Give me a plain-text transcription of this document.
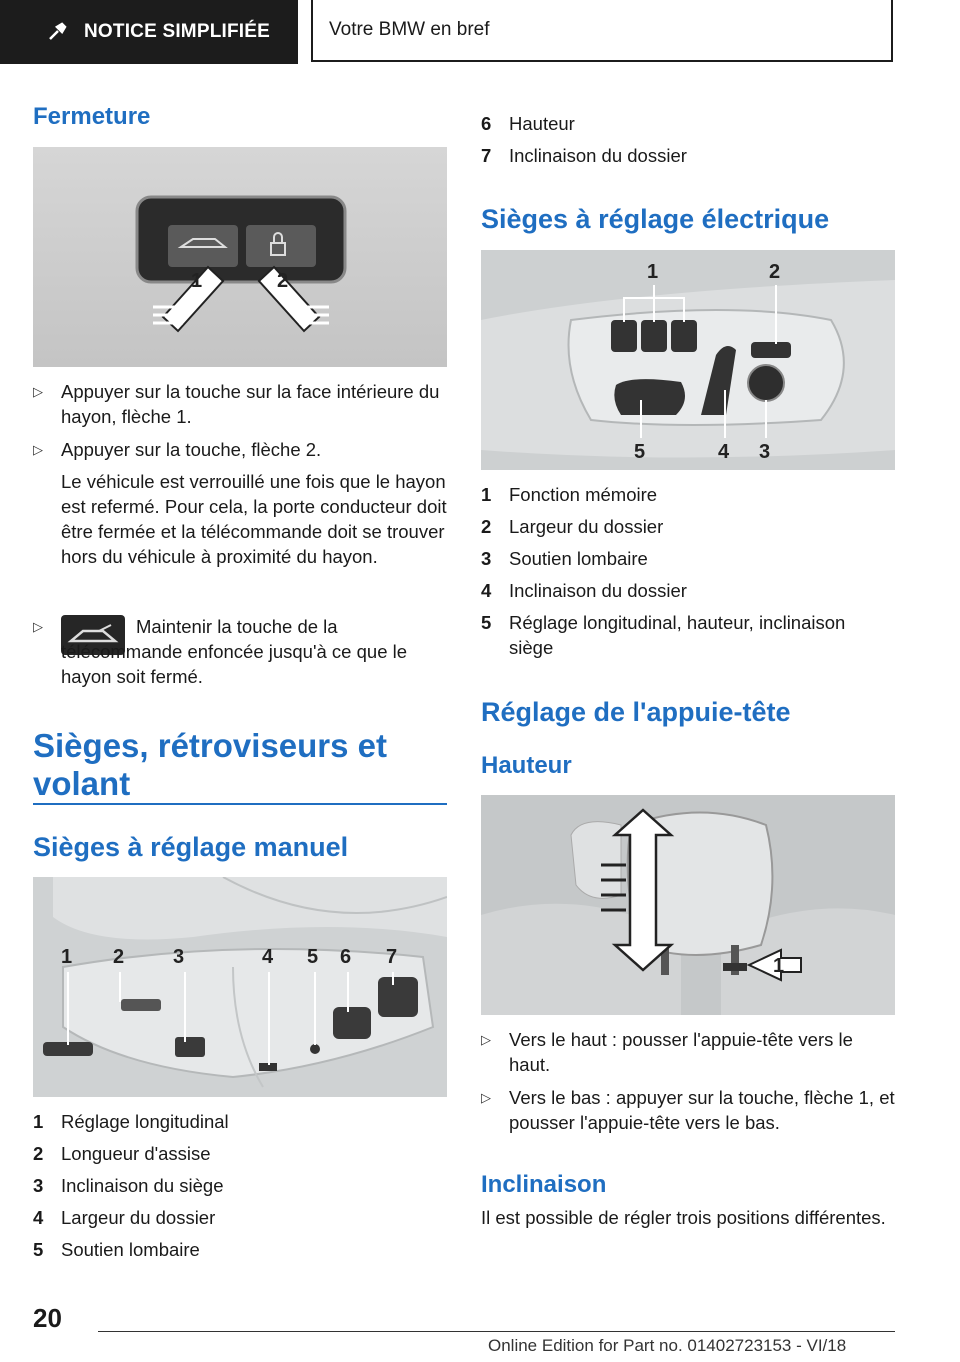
NOTICE SIMPLIFIÉE	Votre BMW en bref
Fermeture
1	2
▷ Appuyer sur la touche sur la face intérieure du hayon, flèche 1.
▷ Appuyer sur la touche, flèche 2.
Le véhicule est verrouillé une fois que le hayon est refermé. Pour cela, la porte conducteur doit être fermée et la télécommande doit se trouver hors du véhicule à proximité du hayon.
▷	Maintenir la touche de la télécommande enfoncée jusqu'à ce que le hayon soit fermé.
Sièges, rétroviseurs et volant
Sièges à réglage manuel
1 2 3	4 5 6 7
1 Réglage longitudinal
2 Longueur d'assise
3 Inclinaison du siège
4 Largeur du dossier
5 Soutien lombaire
6 Hauteur
7 Inclinaison du dossier
Sièges à réglage électrique
1	2
5	4 3
1 Fonction mémoire
2 Largeur du dossier
3 Soutien lombaire
4 Inclinaison du dossier
5 Réglage longitudinal, hauteur, inclinaison siège
Réglage de l'appuie-tête
Hauteur
1
▷ Vers le haut : pousser l'appuie-tête vers le haut.
▷ Vers le bas : appuyer sur la touche, flèche 1, et pousser l'appuie-tête vers le bas.
Inclinaison
Il est possible de régler trois positions différentes.
20
Online Edition for Part no. 01402723153 - VI/18
